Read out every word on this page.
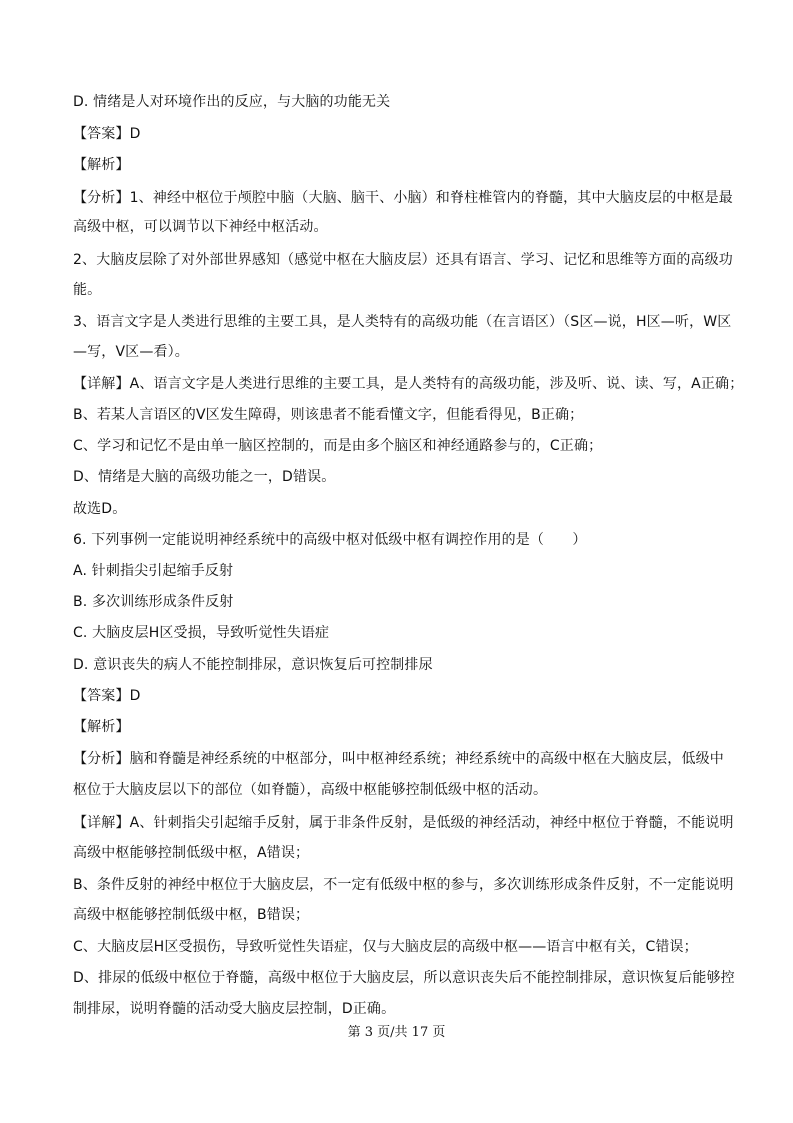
D. 情绪是人对环境作出的反应，与大脑的功能无关

【答案】D

【解析】

【分析】1、神经中枢位于颅腔中脑（大脑、脑干、小脑）和脊柱椎管内的脊髓，其中大脑皮层的中枢是最

高级中枢，可以调节以下神经中枢活动。

2、大脑皮层除了对外部世界感知（感觉中枢在大脑皮层）还具有语言、学习、记忆和思维等方面的高级功

能。

3、语言文字是人类进行思维的主要工具，是人类特有的高级功能（在言语区）（S区—说，H区—听，W区

—写，V区—看）。

【详解】A、语言文字是人类进行思维的主要工具，是人类特有的高级功能，涉及听、说、读、写，A正确；

B、若某人言语区的V区发生障碍，则该患者不能看懂文字，但能看得见，B正确；

C、学习和记忆不是由单一脑区控制的，而是由多个脑区和神经通路参与的，C正确；

D、情绪是大脑的高级功能之一，D错误。

故选D。

6. 下列事例一定能说明神经系统中的高级中枢对低级中枢有调控作用的是（　　）

A. 针刺指尖引起缩手反射

B. 多次训练形成条件反射

C. 大脑皮层H区受损，导致听觉性失语症

D. 意识丧失的病人不能控制排尿，意识恢复后可控制排尿

【答案】D

【解析】

【分析】脑和脊髓是神经系统的中枢部分，叫中枢神经系统；神经系统中的高级中枢在大脑皮层，低级中

枢位于大脑皮层以下的部位（如脊髓），高级中枢能够控制低级中枢的活动。

【详解】A、针刺指尖引起缩手反射，属于非条件反射，是低级的神经活动，神经中枢位于脊髓，不能说明

高级中枢能够控制低级中枢，A错误；

B、条件反射的神经中枢位于大脑皮层，不一定有低级中枢的参与，多次训练形成条件反射，不一定能说明

高级中枢能够控制低级中枢，B错误；

C、大脑皮层H区受损伤，导致听觉性失语症，仅与大脑皮层的高级中枢——语言中枢有关，C错误；

D、排尿的低级中枢位于脊髓，高级中枢位于大脑皮层，所以意识丧失后不能控制排尿，意识恢复后能够控

制排尿，说明脊髓的活动受大脑皮层控制，D正确。

第 3 页/共 17 页
